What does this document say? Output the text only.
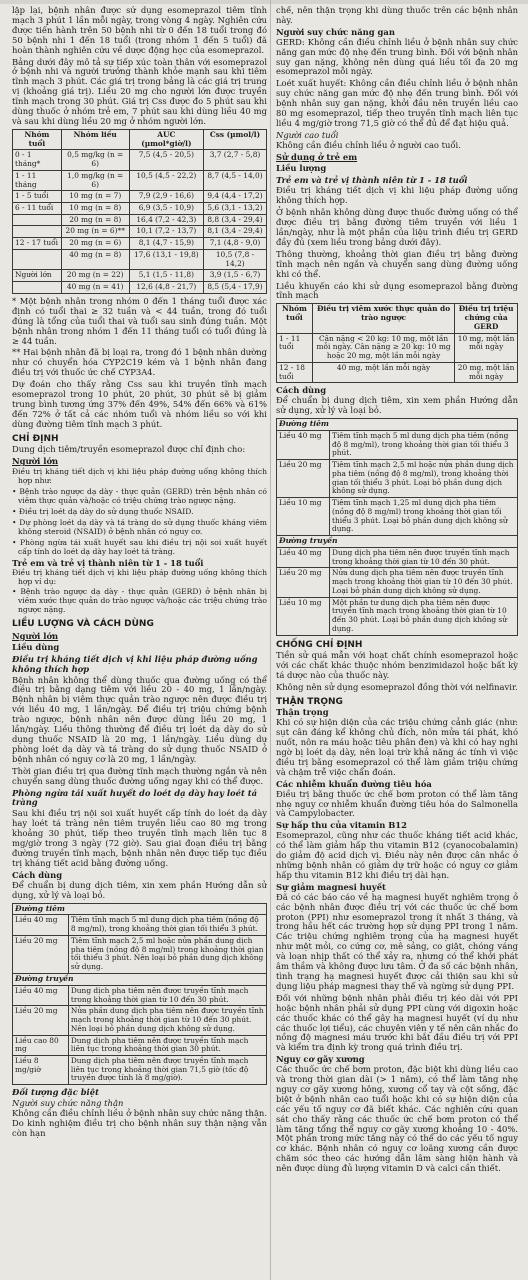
lập lại, bệnh nhân được sử dụng esomeprazol tiêm tĩnh mạch 3 phút 1 lần mỗi ngày, trong vòng 4 ngày. Nghiên cứu được tiến hành trên 50 bệnh nhi từ 0 đến 18 tuổi trong đó 50 bệnh nhi 1 đến 18 tuổi (trong nhóm 1 đến 5 tuổi) đã hoàn thành nghiên cứu về dược động học của esomeprazol.

Bảng dưới đây mô tả sự tiếp xúc toàn thân với esomeprazol ở bệnh nhi và người trưởng thành khỏe mạnh sau khi tiêm tĩnh mạch 3 phút. Các giá trị trong bảng là các giá trị trung vị (khoảng giá trị). Liều 20 mg cho người lớn được truyền tĩnh mạch trong 30 phút. Giá trị Css được đo 5 phút sau khi dùng thuốc ở nhóm trẻ em, 7 phút sau khi dùng liều 40 mg và sau khi dùng liều 20 mg ở nhóm người lớn.

Nhóm tuổi	Nhóm liều	AUC (µmol*giờ/l)	Css (µmol/l)
0 - 1 tháng*	0,5 mg/kg (n = 6)	7,5 (4,5 - 20,5)	3,7 (2,7 - 5,8)
1 - 11 tháng	1,0 mg/kg (n = 6)	10,5 (4,5 - 22,2)	8,7 (4,5 - 14,0)
1 - 5 tuổi	10 mg (n = 7)	7,9 (2,9 - 16,6)	9,4 (4,4 - 17,2)
6 - 11 tuổi	10 mg (n = 8)	6,9 (3,5 - 10,9)	5,6 (3,1 - 13,2)
	20 mg (n = 8)	16,4 (7,2 - 42,3)	8,8 (3,4 - 29,4)
	20 mg (n = 6)**	10,1 (7,2 - 13,7)	8,1 (3,4 - 29,4)
12 - 17 tuổi	20 mg (n = 6)	8,1 (4,7 - 15,9)	7,1 (4,8 - 9,0)
	40 mg (n = 8)	17,6 (13,1 - 19,8)	10,5 (7,8 - 14,2)
Người lớn	20 mg (n = 22)	5,1 (1,5 - 11,8)	3,9 (1,5 - 6,7)
	40 mg (n = 41)	12,6 (4,8 - 21,7)	8,5 (5,4 - 17,9)

* Một bệnh nhân trong nhóm 0 đến 1 tháng tuổi được xác định có tuổi thai ≥ 32 tuần và < 44 tuần, trong đó tuổi đúng là tổng của tuổi thai và tuổi sau sinh đúng tuần. Một bệnh nhân trong nhóm 1 đến 11 tháng tuổi có tuổi đúng là ≥ 44 tuần.

** Hai bệnh nhân đã bị loại ra, trong đó 1 bệnh nhân dường như có chuyển hóa CYP2C19 kém và 1 bệnh nhân đang điều trị với thuốc ức chế CYP3A4.

Dự đoán cho thấy rằng Css sau khi truyền tĩnh mạch esomeprazol trong 10 phút, 20 phút, 30 phút sẽ bị giảm trung bình tương ứng 37% đến 49%, 54% đến 66% và 61% đến 72% ở tất cả các nhóm tuổi và nhóm liều so với khi dùng đường tiêm tĩnh mạch 3 phút.

CHỈ ĐỊNH

Dung dịch tiêm/truyền esomeprazol được chỉ định cho:

Người lớn

Điều trị kháng tiết dịch vị khi liệu pháp đường uống không thích hợp như:

• Bệnh trào ngược dạ dày - thực quản (GERD) trên bệnh nhân có viêm thực quản và/hoặc có triệu chứng trào ngược nặng.

• Điều trị loét dạ dày do sử dụng thuốc NSAID.

• Dự phòng loét dạ dày và tá tràng do sử dụng thuốc kháng viêm không steroid (NSAID) ở bệnh nhân có nguy cơ.

• Phòng ngừa tái xuất huyết sau khi điều trị nội soi xuất huyết cấp tính do loét dạ dày hay loét tá tràng.

Trẻ em và trẻ vị thành niên từ 1 - 18 tuổi

Điều trị kháng tiết dịch vị khi liệu pháp đường uống không thích hợp ví dụ:

• Bệnh trào ngược dạ dày - thực quản (GERD) ở bệnh nhân bị viêm xước thực quản do trào ngược và/hoặc các triệu chứng trào ngược nặng.

LIỀU LƯỢNG VÀ CÁCH DÙNG
Người lớn
Liều dùng
Điều trị kháng tiết dịch vị khi liệu pháp đường uống không thích hợp

Bệnh nhân không thể dùng thuốc qua đường uống có thể điều trị bằng dạng tiêm với liều 20 - 40 mg, 1 lần/ngày. Bệnh nhân bị viêm thực quản trào ngược nên được điều trị với liều 40 mg, 1 lần/ngày. Để điều trị triệu chứng bệnh trào ngược, bệnh nhân nên được dùng liều 20 mg, 1 lần/ngày. Liều thông thường để điều trị loét dạ dày do sử dụng thuốc NSAID là 20 mg, 1 lần/ngày. Liều dùng dự phòng loét dạ dày và tá tràng do sử dụng thuốc NSAID ở bệnh nhân có nguy cơ là 20 mg, 1 lần/ngày.

Thời gian điều trị qua đường tĩnh mạch thường ngắn và nên chuyển sang dùng thuốc đường uống ngay khi có thể được.

Phòng ngừa tái xuất huyết do loét dạ dày hay loét tá tràng

Sau khi điều trị nội soi xuất huyết cấp tính do loét dạ dày hay loét tá tràng nên tiêm truyền liều cao 80 mg trong khoảng 30 phút, tiếp theo truyền tĩnh mạch liên tục 8 mg/giờ trong 3 ngày (72 giờ). Sau giai đoạn điều trị bằng đường truyền tĩnh mạch, bệnh nhân nên được tiếp tục điều trị kháng tiết acid bằng đường uống.

Cách dùng

Để chuẩn bị dung dịch tiêm, xin xem phần Hướng dẫn sử dụng, xử lý và loại bỏ.

Đường tiêm	
Liều 40 mg	Tiêm tĩnh mạch 5 ml dung dịch pha tiêm (nồng độ 8 mg/ml), trong khoảng thời gian tối thiểu 3 phút.
Liều 20 mg	Tiêm tĩnh mạch 2,5 ml hoặc nửa phần dung dịch pha tiêm (nồng độ 8 mg/ml) trong khoảng thời gian tối thiểu 3 phút. Nên loại bỏ phần dung dịch không sử dụng.
Đường truyền	
Liều 40 mg	Dung dịch pha tiêm nên được truyền tĩnh mạch trong khoảng thời gian từ 10 đến 30 phút.
Liều 20 mg	Nửa phần dung dịch pha tiêm nên được truyền tĩnh mạch trong khoảng thời gian từ 10 đến 30 phút. Nên loại bỏ phần dung dịch không sử dụng.
Liều cao 80 mg	Dung dịch pha tiêm nên được truyền tĩnh mạch liên tục trong khoảng thời gian 30 phút.
Liều 8 mg/giờ	Dung dịch pha tiêm nên được truyền tĩnh mạch liên tục trong khoảng thời gian 71,5 giờ (tốc độ truyền được tính là 8 mg/giờ).
Đối tượng đặc biệt
Người suy chức năng thận

Không cần điều chỉnh liều ở bệnh nhân suy chức năng thận. Do kinh nghiệm điều trị cho bệnh nhân suy thận nặng vẫn còn hạn

chế, nên thận trọng khi dùng thuốc trên các bệnh nhân này.

Người suy chức năng gan

GERD: Không cần điều chỉnh liều ở bệnh nhân suy chức năng gan mức độ nhẹ đến trung bình. Đối với bệnh nhân suy gan nặng, không nên dùng quá liều tối đa 20 mg esomeprazol mỗi ngày.

Loét xuất huyết: Không cần điều chỉnh liều ở bệnh nhân suy chức năng gan mức độ nhẹ đến trung bình. Đối với bệnh nhân suy gan nặng, khởi đầu nên truyền liều cao 80 mg esomeprazol, tiếp theo truyền tĩnh mạch liên tục liều 4 mg/giờ trong 71,5 giờ có thể đủ để đạt hiệu quả.

Người cao tuổi

Không cần điều chỉnh liều ở người cao tuổi.

Sử dụng ở trẻ em
Liều lượng
Trẻ em và trẻ vị thành niên từ 1 - 18 tuổi

Điều trị kháng tiết dịch vị khi liệu pháp đường uống không thích hợp.

Ở bệnh nhân không dùng được thuốc đường uống có thể được điều trị bằng đường tiêm truyền với liều 1 lần/ngày, như là một phần của liệu trình điều trị GERD đầy đủ (xem liều trong bảng dưới đây).

Thông thường, khoảng thời gian điều trị bằng đường tĩnh mạch nên ngắn và chuyển sang dùng đường uống khi có thể.

Liều khuyến cáo khi sử dụng esomeprazol bằng đường tĩnh mạch

Nhóm tuổi	Điều trị viêm xước thực quản do trào ngược	Điều trị triệu chứng của GERD
1 - 11 tuổi	Cân nặng < 20 kg: 10 mg, một lần mỗi ngày. Cân nặng ≥ 20 kg: 10 mg hoặc 20 mg, một lần mỗi ngày	10 mg, một lần mỗi ngày
12 - 18 tuổi	40 mg, một lần mỗi ngày	20 mg, một lần mỗi ngày
Cách dùng

Để chuẩn bị dung dịch tiêm, xin xem phần Hướng dẫn sử dụng, xử lý và loại bỏ.

Đường tiêm	
Liều 40 mg	Tiêm tĩnh mạch 5 ml dung dịch pha tiêm (nồng độ 8 mg/ml), trong khoảng thời gian tối thiểu 3 phút.
Liều 20 mg	Tiêm tĩnh mạch 2,5 ml hoặc nửa phần dung dịch pha tiêm (nồng độ 8 mg/ml), trong khoảng thời gian tối thiểu 3 phút. Loại bỏ phần dung dịch không sử dụng.
Liều 10 mg	Tiêm tĩnh mạch 1,25 ml dung dịch pha tiêm (nồng độ 8 mg/ml) trong khoảng thời gian tối thiểu 3 phút. Loại bỏ phần dung dịch không sử dụng.
Đường truyền	
Liều 40 mg	Dung dịch pha tiêm nên được truyền tĩnh mạch trong khoảng thời gian từ 10 đến 30 phút.
Liều 20 mg	Nửa dung dịch pha tiêm nên được truyền tĩnh mạch trong khoảng thời gian từ 10 đến 30 phút. Loại bỏ phần dung dịch không sử dụng.
Liều 10 mg	Một phần tư dung dịch pha tiêm nên được truyền tĩnh mạch trong khoảng thời gian từ 10 đến 30 phút. Loại bỏ phần dung dịch không sử dụng.
CHỐNG CHỈ ĐỊNH

Tiền sử quá mẫn với hoạt chất chính esomeprazol hoặc với các chất khác thuộc nhóm benzimidazol hoặc bất kỳ tá dược nào của thuốc này.

Không nên sử dụng esomeprazol đồng thời với nelfinavir.

THẬN TRỌNG
Thận trọng

Khi có sự hiện diện của các triệu chứng cảnh giác (như: sụt cân đáng kể không chủ đích, nôn mửa tái phát, khó nuốt, nôn ra máu hoặc tiêu phân đen) và khi có hay nghi ngờ bị loét dạ dày, nên loại trừ khả năng ác tính vì việc điều trị bằng esomeprazol có thể làm giảm triệu chứng và chậm trễ việc chẩn đoán.

Các nhiễm khuẩn đường tiêu hóa

Điều trị bằng thuốc ức chế bơm proton có thể làm tăng nhẹ nguy cơ nhiễm khuẩn đường tiêu hóa do Salmonella và Campylobacter.

Sự hấp thu của vitamin B12

Esomeprazol, cũng như các thuốc kháng tiết acid khác, có thể làm giảm hấp thu vitamin B12 (cyanocobalamin) do giảm độ acid dịch vị. Điều này nên được cân nhắc ở những bệnh nhân có giảm dự trữ hoặc có nguy cơ giảm hấp thu vitamin B12 khi điều trị dài hạn.

Sự giảm magnesi huyết

Đã có các báo cáo về hạ magnesi huyết nghiêm trọng ở các bệnh nhân được điều trị với các thuốc ức chế bơm proton (PPI) như esomeprazol trong ít nhất 3 tháng, và trong hầu hết các trường hợp sử dụng PPI trong 1 năm. Các triệu chứng nghiêm trọng của hạ magnesi huyết như mệt mỏi, co cứng cơ, mê sảng, co giật, chóng váng và loạn nhịp thất có thể xảy ra, nhưng có thể khởi phát âm thầm và không được lưu tâm. Ở đa số các bệnh nhân, tình trạng hạ magnesi huyết được cải thiện sau khi sử dụng liệu pháp magnesi thay thế và ngừng sử dụng PPI.

Đối với những bệnh nhân phải điều trị kéo dài với PPI hoặc bệnh nhân phải sử dụng PPI cùng với digoxin hoặc các thuốc khác có thể gây hạ magnesi huyết (ví dụ như các thuốc lợi tiểu), các chuyên viên y tế nên cân nhắc đo nồng độ magnesi máu trước khi bắt đầu điều trị với PPI và kiểm tra định kỳ trong quá trình điều trị.

Nguy cơ gãy xương

Các thuốc ức chế bơm proton, đặc biệt khi dùng liều cao và trong thời gian dài (> 1 năm), có thể làm tăng nhẹ nguy cơ gãy xương hông, xương cổ tay và cột sống, đặc biệt ở bệnh nhân cao tuổi hoặc khi có sự hiện diện của các yếu tố nguy cơ đã biết khác. Các nghiên cứu quan sát cho thấy rằng các thuốc ức chế bơm proton có thể làm tăng tổng thể nguy cơ gãy xương khoảng 10 - 40%. Một phần trong mức tăng này có thể do các yếu tố nguy cơ khác. Bệnh nhân có nguy cơ loãng xương cần được chăm sóc theo các hướng dẫn lâm sàng hiện hành và nên được dùng đủ lượng vitamin D và calci cần thiết.
